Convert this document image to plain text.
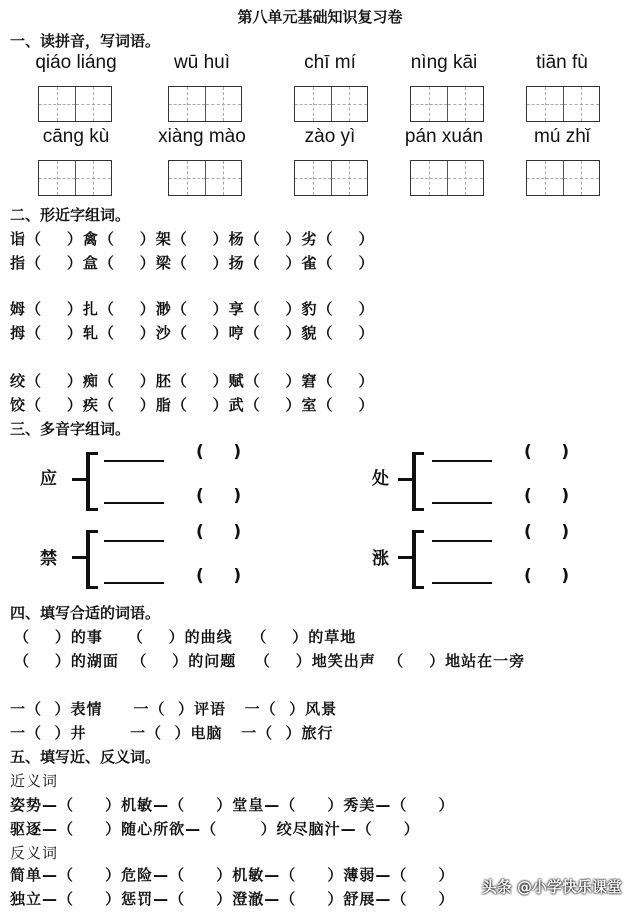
第八单元基础知识复习卷
一、读拼音，写词语。
qiáo liáng	wū huì	chī mí	nìng kāi	tiān fù
cāng kù	xiàng mào	zào yì	pán xuán	mú zhǐ
二、形近字组词。
诣（    ）禽（    ）架（    ）杨（    ）劣（    ）
指（    ）盒（    ）梁（    ）扬（    ）雀（    ）
姆（    ）扎（    ）渺（    ）享（    ）豹（    ）
拇（    ）轧（    ）沙（    ）哼（    ）貌（    ）
绞（    ）痴（    ）胚（    ）赋（    ）窘（    ）
饺（    ）疾（    ）脂（    ）武（    ）室（    ）
三、多音字组词。
应
(     )
(     )
处
(     )
(     )
禁
(     )
(     )
涨
(     )
(     )
四、填写合适的词语。
（    ）的事    （    ）的曲线   （    ）的草地
（    ）的湖面  （    ）的问题   （    ）地笑出声  （    ）地站在一旁
一（  ）表情     一（  ）评语   一（  ）风景
一（  ）井       一（  ）电脑   一（  ）旅行
五、填写近、反义词。
近义词
姿势—（     ）机敏—（     ）堂皇—（     ）秀美—（     ）
驱逐—（     ）随心所欲—（       ）绞尽脑汁—（     ）
反义词
简单—（     ）危险—（     ）机敏—（     ）薄弱—（     ）
独立—（     ）惩罚—（     ）澄澈—（     ）舒展—（     ）
头条 @小学快乐课堂
